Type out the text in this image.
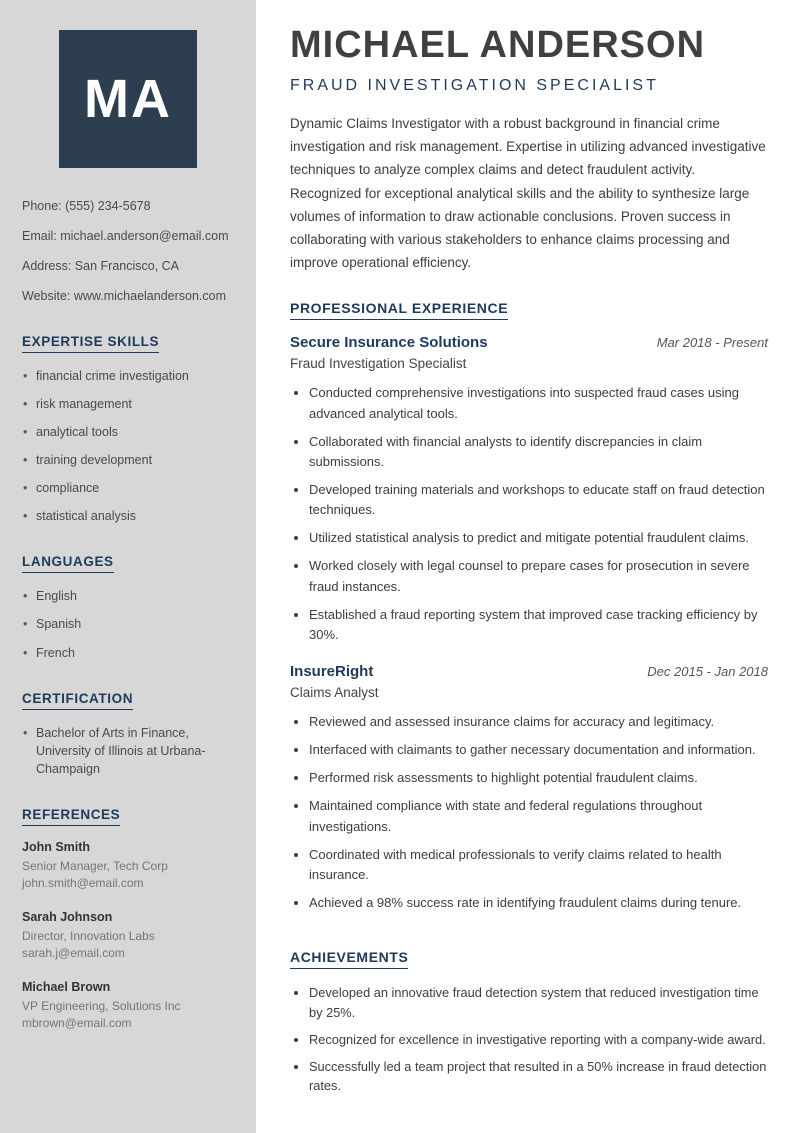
MA

Phone: (555) 234-5678

Email: michael.anderson@email.com

Address: San Francisco, CA

Website: www.michaelanderson.com

EXPERTISE SKILLS
• financial crime investigation
• risk management
• analytical tools
• training development
• compliance
• statistical analysis
LANGUAGES
• English
• Spanish
• French
CERTIFICATION
• Bachelor of Arts in Finance, University of Illinois at Urbana-Champaign
REFERENCES
John Smith
Senior Manager, Tech Corp
john.smith@email.com
Sarah Johnson
Director, Innovation Labs
sarah.j@email.com
Michael Brown
VP Engineering, Solutions Inc
mbrown@email.com
MICHAEL ANDERSON
FRAUD INVESTIGATION SPECIALIST

Dynamic Claims Investigator with a robust background in financial crime investigation and risk management. Expertise in utilizing advanced investigative techniques to analyze complex claims and detect fraudulent activity. Recognized for exceptional analytical skills and the ability to synthesize large volumes of information to draw actionable conclusions. Proven success in collaborating with various stakeholders to enhance claims processing and improve operational efficiency.

PROFESSIONAL EXPERIENCE
Secure Insurance Solutions	Mar 2018 - Present
Fraud Investigation Specialist
• Conducted comprehensive investigations into suspected fraud cases using advanced analytical tools.
• Collaborated with financial analysts to identify discrepancies in claim submissions.
• Developed training materials and workshops to educate staff on fraud detection techniques.
• Utilized statistical analysis to predict and mitigate potential fraudulent claims.
• Worked closely with legal counsel to prepare cases for prosecution in severe fraud instances.
• Established a fraud reporting system that improved case tracking efficiency by 30%.
InsureRight	Dec 2015 - Jan 2018
Claims Analyst
• Reviewed and assessed insurance claims for accuracy and legitimacy.
• Interfaced with claimants to gather necessary documentation and information.
• Performed risk assessments to highlight potential fraudulent claims.
• Maintained compliance with state and federal regulations throughout investigations.
• Coordinated with medical professionals to verify claims related to health insurance.
• Achieved a 98% success rate in identifying fraudulent claims during tenure.
ACHIEVEMENTS
• Developed an innovative fraud detection system that reduced investigation time by 25%.
• Recognized for excellence in investigative reporting with a company-wide award.
• Successfully led a team project that resulted in a 50% increase in fraud detection rates.
